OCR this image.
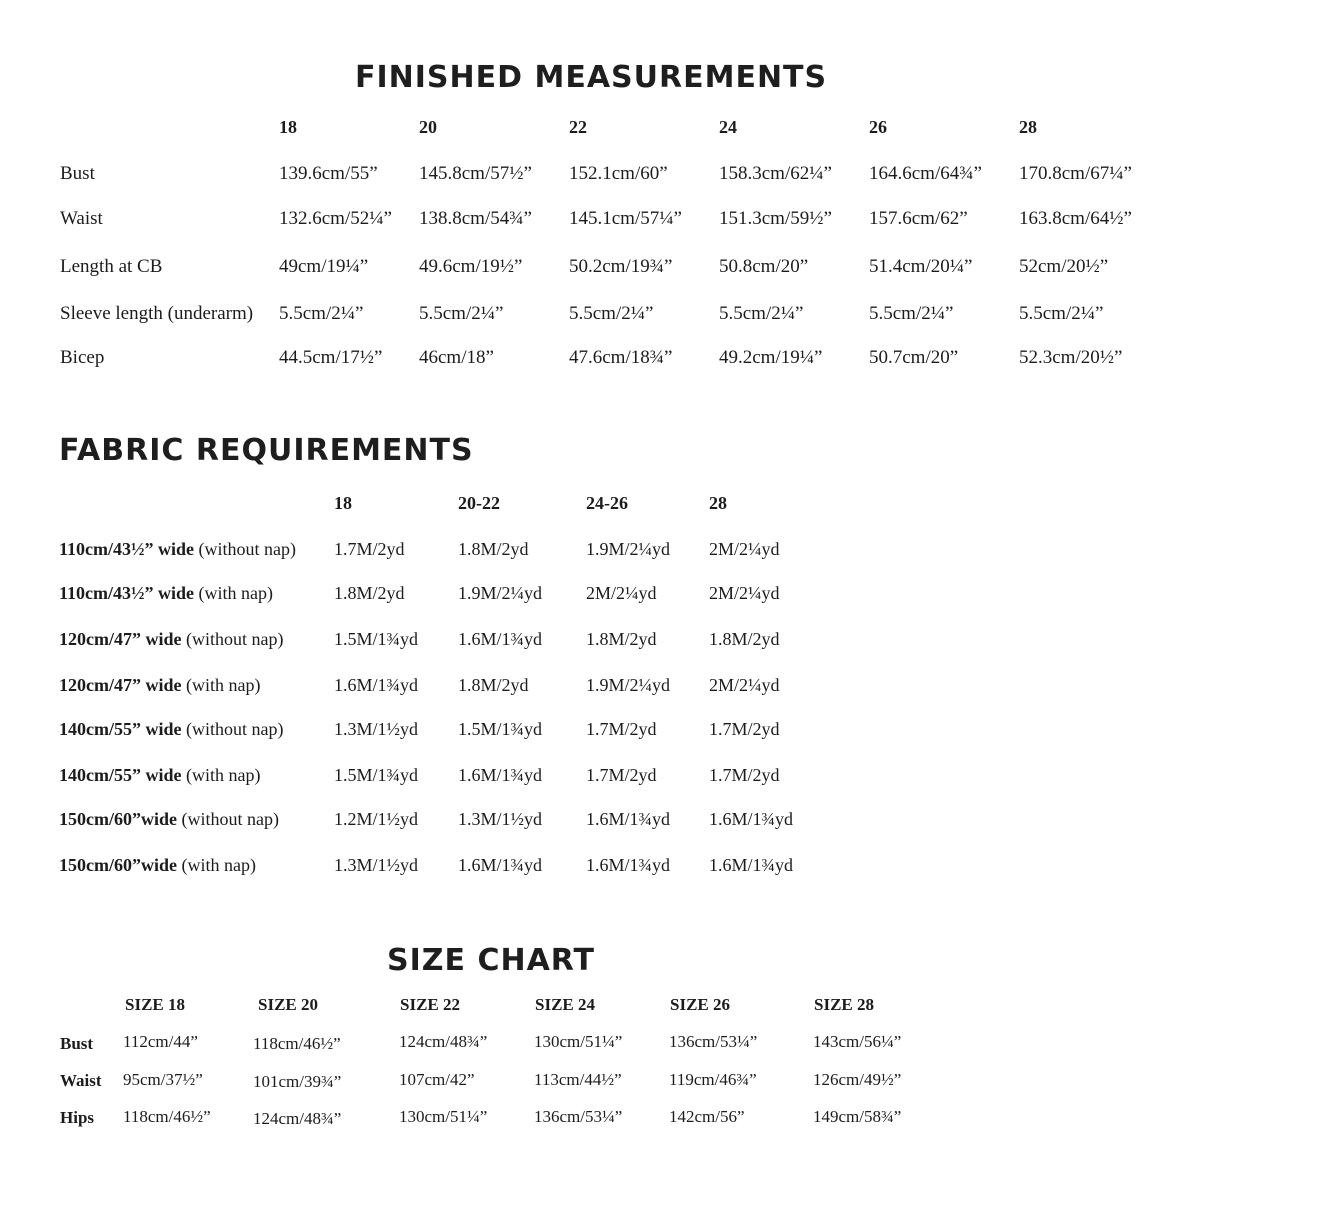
FINISHED MEASUREMENTS
18	20	22	24	26	28
Bust	139.6cm/55” 145.8cm/57½” 152.1cm/60”	158.3cm/62¼” 164.6cm/64¾” 170.8cm/67¼”
Waist	132.6cm/52¼” 138.8cm/54¾” 145.1cm/57¼” 151.3cm/59½” 157.6cm/62”	163.8cm/64½”
Length at CB	49cm/19¼”	49.6cm/19½” 50.2cm/19¾” 50.8cm/20”	51.4cm/20¼” 52cm/20½”
Sleeve length (underarm) 5.5cm/2¼”	5.5cm/2¼”	5.5cm/2¼”	5.5cm/2¼”	5.5cm/2¼”	5.5cm/2¼”
Bicep	44.5cm/17½” 46cm/18”	47.6cm/18¾” 49.2cm/19¼” 50.7cm/20”	52.3cm/20½”
FABRIC REQUIREMENTS
18	20-22	24-26	28
110cm/43½” wide (without nap) 1.7M/2yd	1.8M/2yd	1.9M/2¼yd 2M/2¼yd
110cm/43½” wide (with nap)	1.8M/2yd	1.9M/2¼yd 2M/2¼yd	2M/2¼yd
120cm/47” wide (without nap)	1.5M/1¾yd 1.6M/1¾yd 1.8M/2yd	1.8M/2yd
120cm/47” wide (with nap)	1.6M/1¾yd 1.8M/2yd	1.9M/2¼yd 2M/2¼yd
140cm/55” wide (without nap)	1.3M/1½yd 1.5M/1¾yd 1.7M/2yd	1.7M/2yd
140cm/55” wide (with nap)	1.5M/1¾yd 1.6M/1¾yd 1.7M/2yd	1.7M/2yd
150cm/60”wide (without nap)	1.2M/1½yd 1.3M/1½yd 1.6M/1¾yd 1.6M/1¾yd
150cm/60”wide (with nap)	1.3M/1½yd 1.6M/1¾yd 1.6M/1¾yd 1.6M/1¾yd
SIZE CHART
SIZE 18	SIZE 20	SIZE 22	SIZE 24	SIZE 26	SIZE 28
Bust 112cm/44”	118cm/46½”	124cm/48¾”	130cm/51¼”	136cm/53¼”	143cm/56¼”
Waist 95cm/37½”	101cm/39¾”	107cm/42”	113cm/44½”	119cm/46¾”	126cm/49½”
Hips 118cm/46½” 124cm/48¾”	130cm/51¼”	136cm/53¼”	142cm/56”	149cm/58¾”
